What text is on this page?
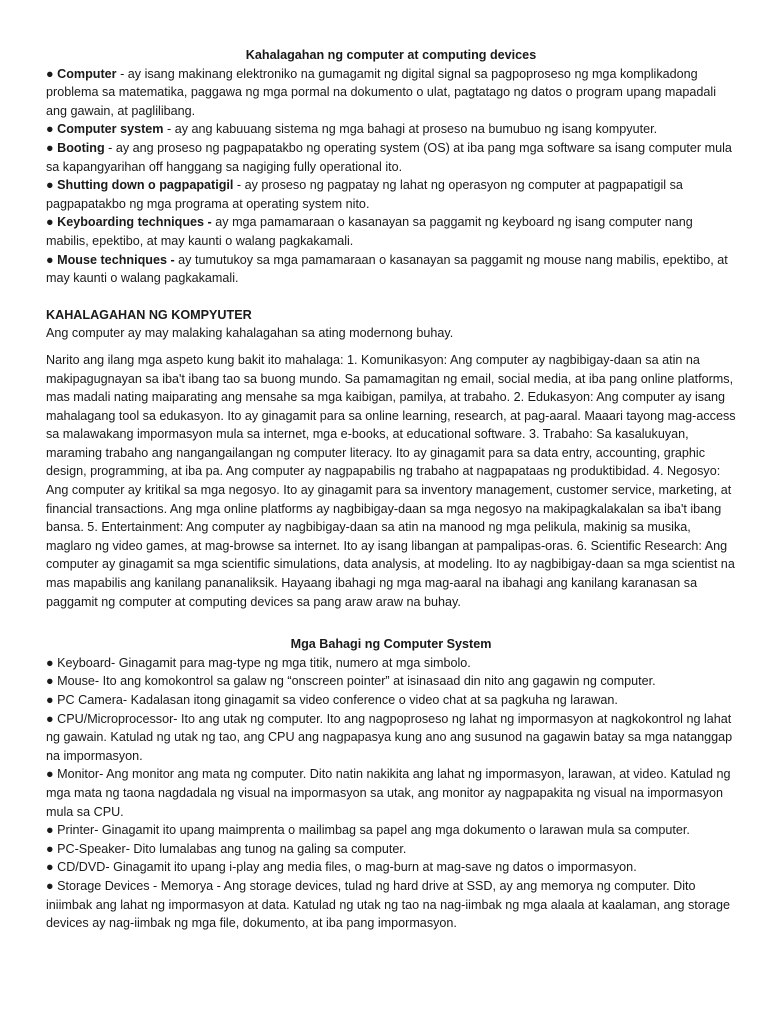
Kahalagahan ng computer at computing devices

● Computer - ay isang makinang elektroniko na gumagamit ng digital signal sa pagpoproseso ng mga komplikadong problema sa matematika, paggawa ng mga pormal na dokumento o ulat, pagtatago ng datos o program upang mapadali ang gawain, at paglilibang.

● Computer system - ay ang kabuuang sistema ng mga bahagi at proseso na bumubuo ng isang kompyuter.

● Booting - ay ang proseso ng pagpapatakbo ng operating system (OS) at iba pang mga software sa isang computer mula sa kapangyarihan off hanggang sa nagiging fully operational ito.

● Shutting down o pagpapatigil - ay proseso ng pagpatay ng lahat ng operasyon ng computer at pagpapatigil sa pagpapatakbo ng mga programa at operating system nito.

● Keyboarding techniques - ay mga pamamaraan o kasanayan sa paggamit ng keyboard ng isang computer nang mabilis, epektibo, at may kaunti o walang pagkakamali.

● Mouse techniques - ay tumutukoy sa mga pamamaraan o kasanayan sa paggamit ng mouse nang mabilis, epektibo, at may kaunti o walang pagkakamali.

KAHALAGAHAN NG KOMPYUTER

Ang computer ay may malaking kahalagahan sa ating modernong buhay.

Narito ang ilang mga aspeto kung bakit ito mahalaga: 1. Komunikasyon: Ang computer ay nagbibigay-daan sa atin na makipagugnayan sa iba't ibang tao sa buong mundo. Sa pamamagitan ng email, social media, at iba pang online platforms, mas madali nating maiparating ang mensahe sa mga kaibigan, pamilya, at trabaho. 2. Edukasyon: Ang computer ay isang mahalagang tool sa edukasyon. Ito ay ginagamit para sa online learning, research, at pag-aaral. Maaari tayong mag-access sa malawakang impormasyon mula sa internet, mga e-books, at educational software. 3. Trabaho: Sa kasalukuyan, maraming trabaho ang nangangailangan ng computer literacy. Ito ay ginagamit para sa data entry, accounting, graphic design, programming, at iba pa. Ang computer ay nagpapabilis ng trabaho at nagpapataas ng produktibidad. 4. Negosyo: Ang computer ay kritikal sa mga negosyo. Ito ay ginagamit para sa inventory management, customer service, marketing, at financial transactions. Ang mga online platforms ay nagbibigay-daan sa mga negosyo na makipagkalakalan sa iba't ibang bansa. 5. Entertainment: Ang computer ay nagbibigay-daan sa atin na manood ng mga pelikula, makinig sa musika, maglaro ng video games, at mag-browse sa internet. Ito ay isang libangan at pampalipas-oras. 6. Scientific Research: Ang computer ay ginagamit sa mga scientific simulations, data analysis, at modeling. Ito ay nagbibigay-daan sa mga scientist na mas mapabilis ang kanilang pananaliksik. Hayaang ibahagi ng mga mag-aaral na ibahagi ang kanilang karanasan sa paggamit ng computer at computing devices sa pang araw araw na buhay.

Mga Bahagi ng Computer System

● Keyboard- Ginagamit para mag-type ng mga titik, numero at mga simbolo.

● Mouse- Ito ang komokontrol sa galaw ng “onscreen pointer” at isinasaad din nito ang gagawin ng computer.

● PC Camera- Kadalasan itong ginagamit sa video conference o video chat at sa pagkuha ng larawan.

● CPU/Microprocessor- Ito ang utak ng computer. Ito ang nagpoproseso ng lahat ng impormasyon at nagkokontrol ng lahat ng gawain. Katulad ng utak ng tao, ang CPU ang nagpapasya kung ano ang susunod na gagawin batay sa mga natanggap na impormasyon.

● Monitor- Ang monitor ang mata ng computer. Dito natin nakikita ang lahat ng impormasyon, larawan, at video. Katulad ng mga mata ng taona nagdadala ng visual na impormasyon sa utak, ang monitor ay nagpapakita ng visual na impormasyon mula sa CPU.

● Printer- Ginagamit ito upang maimprenta o mailimbag sa papel ang mga dokumento o larawan mula sa computer.

● PC-Speaker- Dito lumalabas ang tunog na galing sa computer.

● CD/DVD- Ginagamit ito upang i-play ang media files, o mag-burn at mag-save ng datos o impormasyon.

● Storage Devices - Memorya - Ang storage devices, tulad ng hard drive at SSD, ay ang memorya ng computer. Dito iniimbak ang lahat ng impormasyon at data. Katulad ng utak ng tao na nag-iimbak ng mga alaala at kaalaman, ang storage devices ay nag-iimbak ng mga file, dokumento, at iba pang impormasyon.
